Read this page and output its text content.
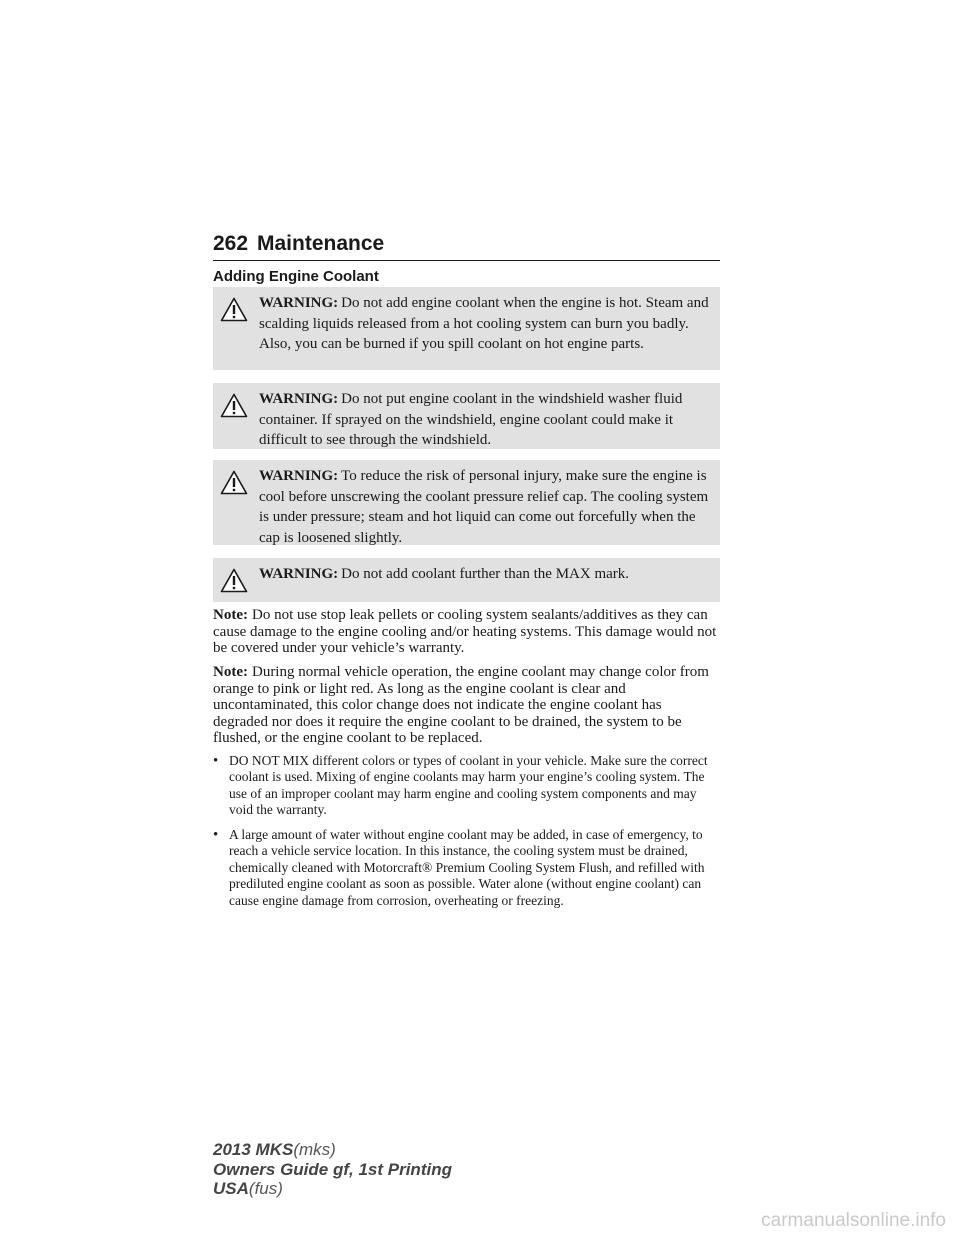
262 Maintenance
Adding Engine Coolant
WARNING: Do not add engine coolant when the engine is hot. Steam and scalding liquids released from a hot cooling system can burn you badly. Also, you can be burned if you spill coolant on hot engine parts.
WARNING: Do not put engine coolant in the windshield washer fluid container. If sprayed on the windshield, engine coolant could make it difficult to see through the windshield.
WARNING: To reduce the risk of personal injury, make sure the engine is cool before unscrewing the coolant pressure relief cap. The cooling system is under pressure; steam and hot liquid can come out forcefully when the cap is loosened slightly.
WARNING: Do not add coolant further than the MAX mark.
Note: Do not use stop leak pellets or cooling system sealants/additives as they can cause damage to the engine cooling and/or heating systems. This damage would not be covered under your vehicle’s warranty.
Note: During normal vehicle operation, the engine coolant may change color from orange to pink or light red. As long as the engine coolant is clear and uncontaminated, this color change does not indicate the engine coolant has degraded nor does it require the engine coolant to be drained, the system to be flushed, or the engine coolant to be replaced.
• DO NOT MIX different colors or types of coolant in your vehicle. Make sure the correct coolant is used. Mixing of engine coolants may harm your engine’s cooling system. The use of an improper coolant may harm engine and cooling system components and may void the warranty.
• A large amount of water without engine coolant may be added, in case of emergency, to reach a vehicle service location. In this instance, the cooling system must be drained, chemically cleaned with Motorcraft® Premium Cooling System Flush, and refilled with prediluted engine coolant as soon as possible. Water alone (without engine coolant) can cause engine damage from corrosion, overheating or freezing.
2013 MKS(mks)
Owners Guide gf, 1st Printing
USA(fus)
carmanualsonline.info
